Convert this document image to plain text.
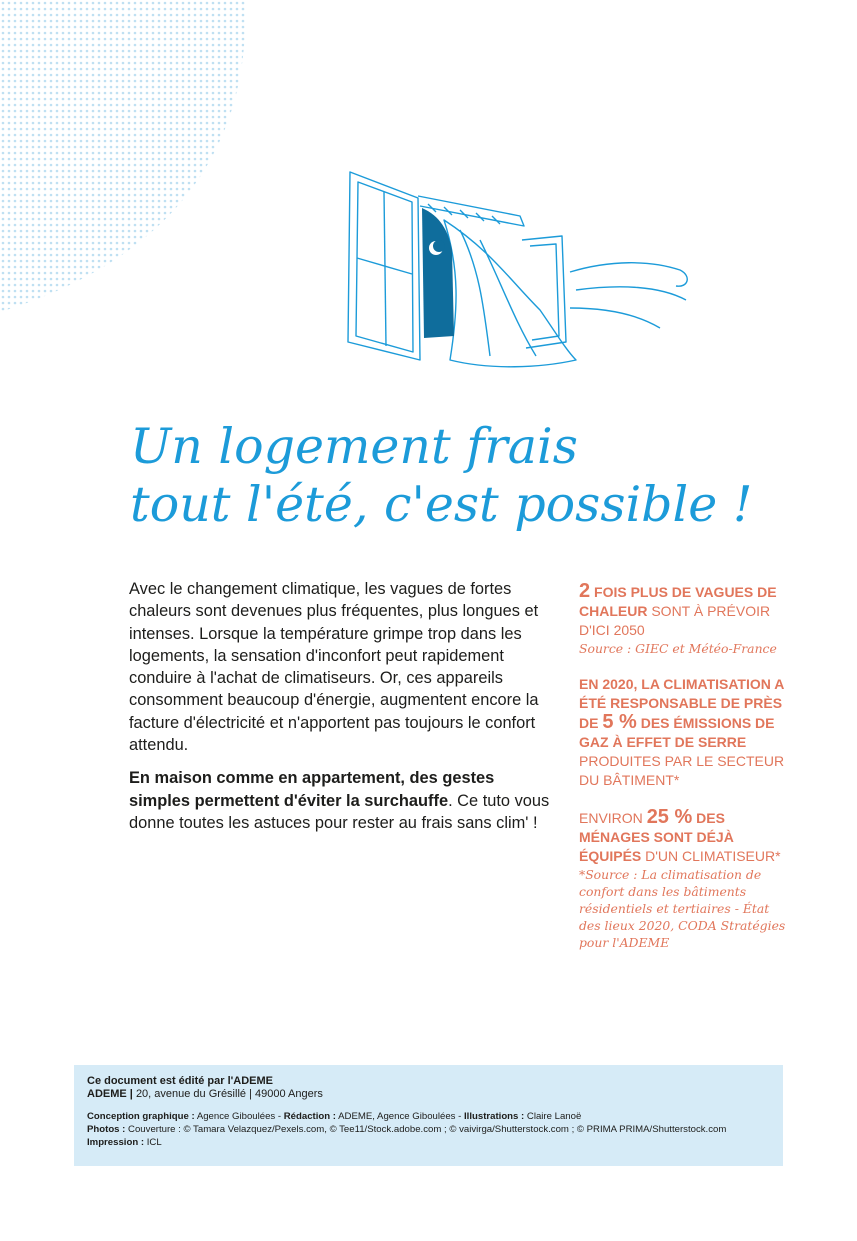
Un logement frais
tout l'été, c'est possible !

Avec le changement climatique, les vagues de fortes chaleurs sont devenues plus fréquentes, plus longues et intenses. Lorsque la température grimpe trop dans les logements, la sensation d'inconfort peut rapidement conduire à l'achat de climatiseurs. Or, ces appareils consomment beaucoup d'énergie, augmentent encore la facture d'électricité et n'apportent pas toujours le confort attendu.

En maison comme en appartement, des gestes simples permettent d'éviter la surchauffe. Ce tuto vous donne toutes les astuces pour rester au frais sans clim' !

2 FOIS PLUS DE VAGUES DE CHALEUR SONT À PRÉVOIR D'ICI 2050
Source : GIEC et Météo-France
EN 2020, LA CLIMATISATION A ÉTÉ RESPONSABLE DE PRÈS DE 5 % DES ÉMISSIONS DE GAZ À EFFET DE SERRE PRODUITES PAR LE SECTEUR DU BÂTIMENT*
ENVIRON 25 % DES MÉNAGES SONT DÉJÀ ÉQUIPÉS D'UN CLIMATISEUR*
*Source : La climatisation de confort dans les bâtiments résidentiels et tertiaires - État des lieux 2020, CODA Stratégies pour l'ADEME
Ce document est édité par l'ADEME
ADEME | 20, avenue du Grésillé | 49000 Angers
Conception graphique : Agence Giboulées - Rédaction : ADEME, Agence Giboulées - Illustrations : Claire Lanoë
Photos : Couverture : © Tamara Velazquez/Pexels.com, © Tee11/Stock.adobe.com ; © vaivirga/Shutterstock.com ; © PRIMA PRIMA/Shutterstock.com
Impression : ICL
